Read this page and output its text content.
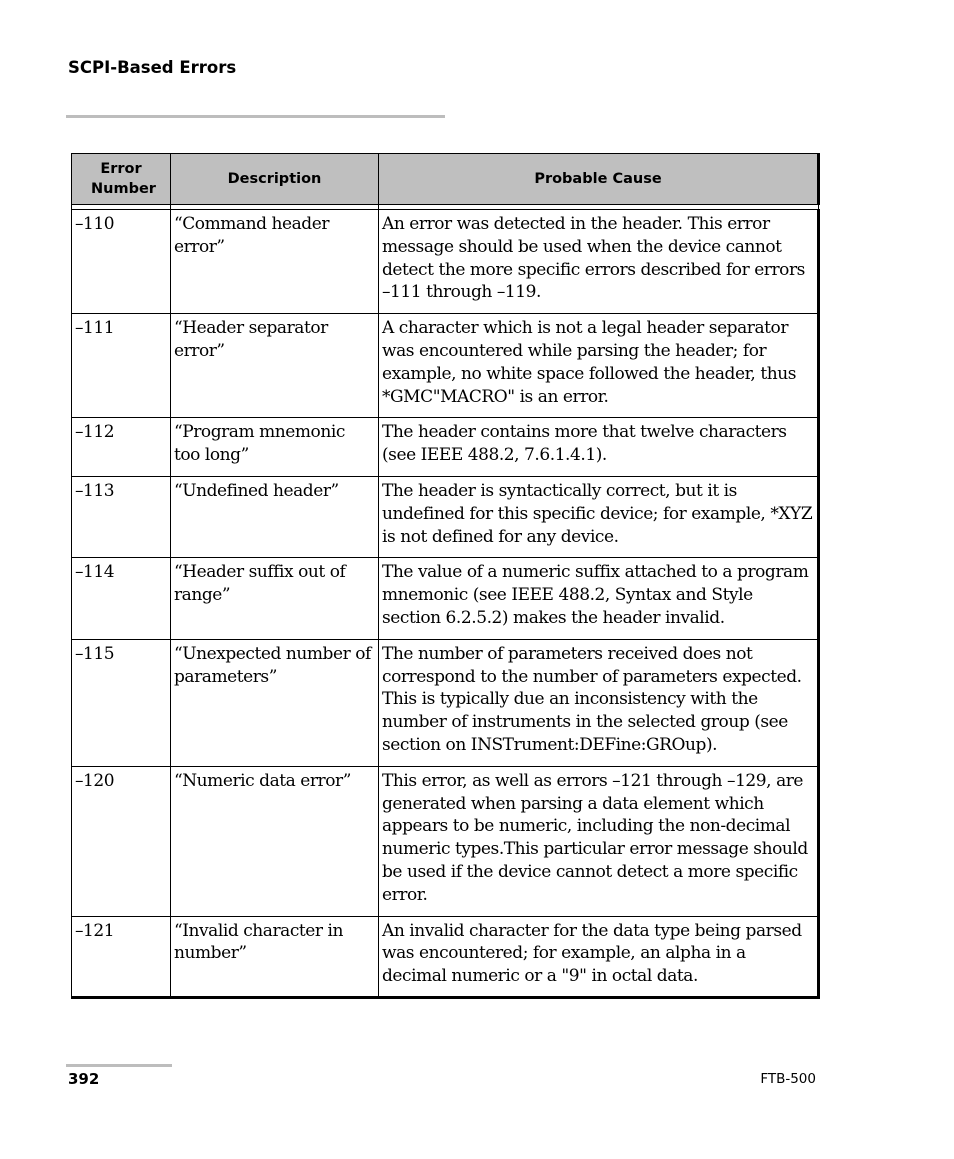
SCPI-Based Errors
Error Number	Description	Probable Cause

–110	“Command header error”	An error was detected in the header. This error message should be used when the device cannot detect the more specific errors described for errors –111 through –119.
–111	“Header separator error”	A character which is not a legal header separator was encountered while parsing the header; for example, no white space followed the header, thus *GMC"MACRO" is an error.
–112	“Program mnemonic too long”	The header contains more that twelve characters (see IEEE 488.2, 7.6.1.4.1).
–113	“Undefined header”	The header is syntactically correct, but it is undefined for this specific device; for example, *XYZ is not defined for any device.
–114	“Header suffix out of range”	The value of a numeric suffix attached to a program mnemonic (see IEEE 488.2, Syntax and Style section 6.2.5.2) makes the header invalid.
–115	“Unexpected number of parameters”	The number of parameters received does not correspond to the number of parameters expected. This is typically due an inconsistency with the number of instruments in the selected group (see section on INSTrument:DEFine:GROup).
–120	“Numeric data error”	This error, as well as errors –121 through –129, are generated when parsing a data element which appears to be numeric, including the non-decimal numeric types.This particular error message should be used if the device cannot detect a more specific error.
–121	“Invalid character in number”	An invalid character for the data type being parsed was encountered; for example, an alpha in a decimal numeric or a "9" in octal data.
392	FTB-500
